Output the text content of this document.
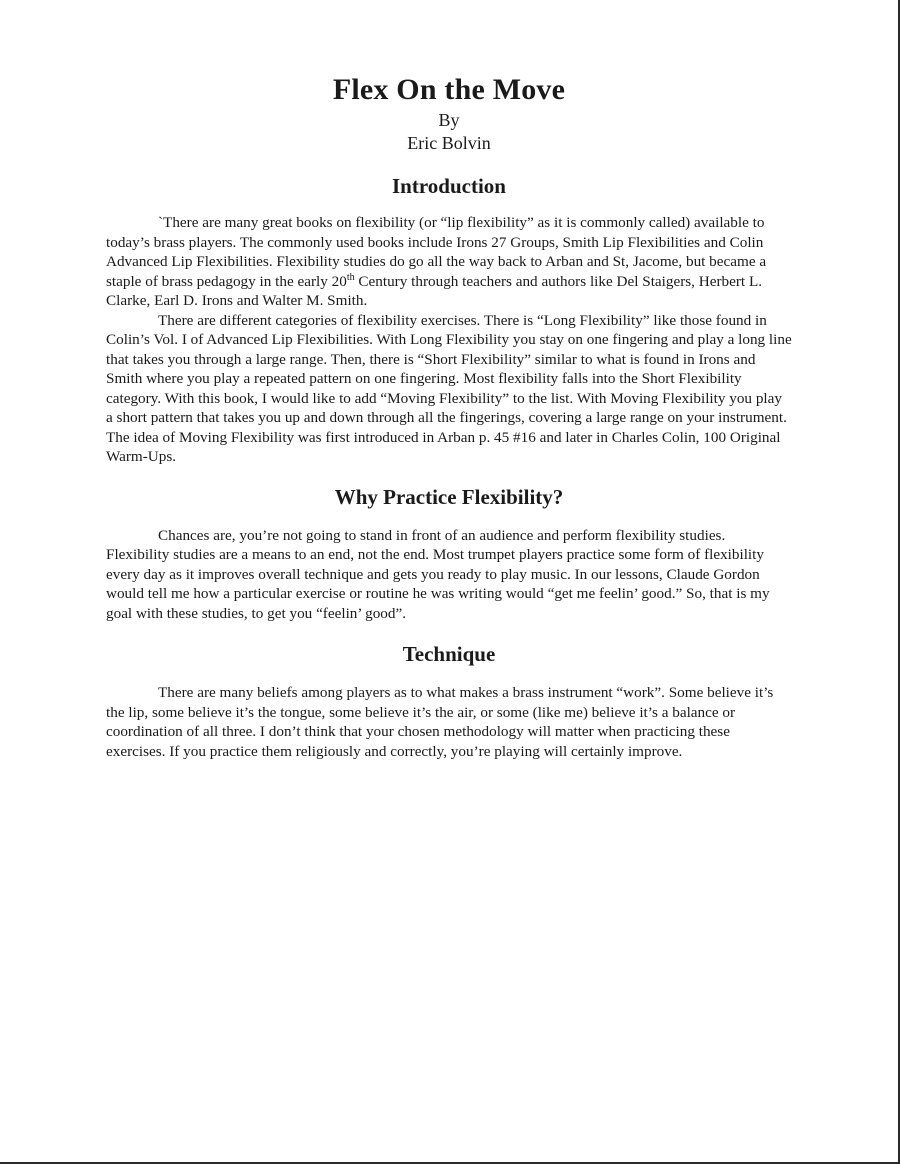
Flex On the Move
By
Eric Bolvin
Introduction

`There are many great books on flexibility (or “lip flexibility” as it is commonly called) available to today’s brass players. The commonly used books include Irons 27 Groups, Smith Lip Flexibilities and Colin Advanced Lip Flexibilities. Flexibility studies do go all the way back to Arban and St, Jacome, but became a staple of brass pedagogy in the early 20th Century through teachers and authors like Del Staigers, Herbert L. Clarke, Earl D. Irons and Walter M. Smith.

There are different categories of flexibility exercises. There is “Long Flexibility” like those found in Colin’s Vol. I of Advanced Lip Flexibilities. With Long Flexibility you stay on one fingering and play a long line that takes you through a large range. Then, there is “Short Flexibility” similar to what is found in Irons and Smith where you play a repeated pattern on one fingering. Most flexibility falls into the Short Flexibility category. With this book, I would like to add “Moving Flexibility” to the list. With Moving Flexibility you play a short pattern that takes you up and down through all the fingerings, covering a large range on your instrument. The idea of Moving Flexibility was first introduced in Arban p. 45 #16 and later in Charles Colin, 100 Original Warm-Ups.

Why Practice Flexibility?

Chances are, you’re not going to stand in front of an audience and perform flexibility studies. Flexibility studies are a means to an end, not the end. Most trumpet players practice some form of flexibility every day as it improves overall technique and gets you ready to play music. In our lessons, Claude Gordon would tell me how a particular exercise or routine he was writing would “get me feelin’ good.” So, that is my goal with these studies, to get you “feelin’ good”.

Technique

There are many beliefs among players as to what makes a brass instrument “work”. Some believe it’s the lip, some believe it’s the tongue, some believe it’s the air, or some (like me) believe it’s a balance or coordination of all three. I don’t think that your chosen methodology will matter when practicing these exercises. If you practice them religiously and correctly, you’re playing will certainly improve.
